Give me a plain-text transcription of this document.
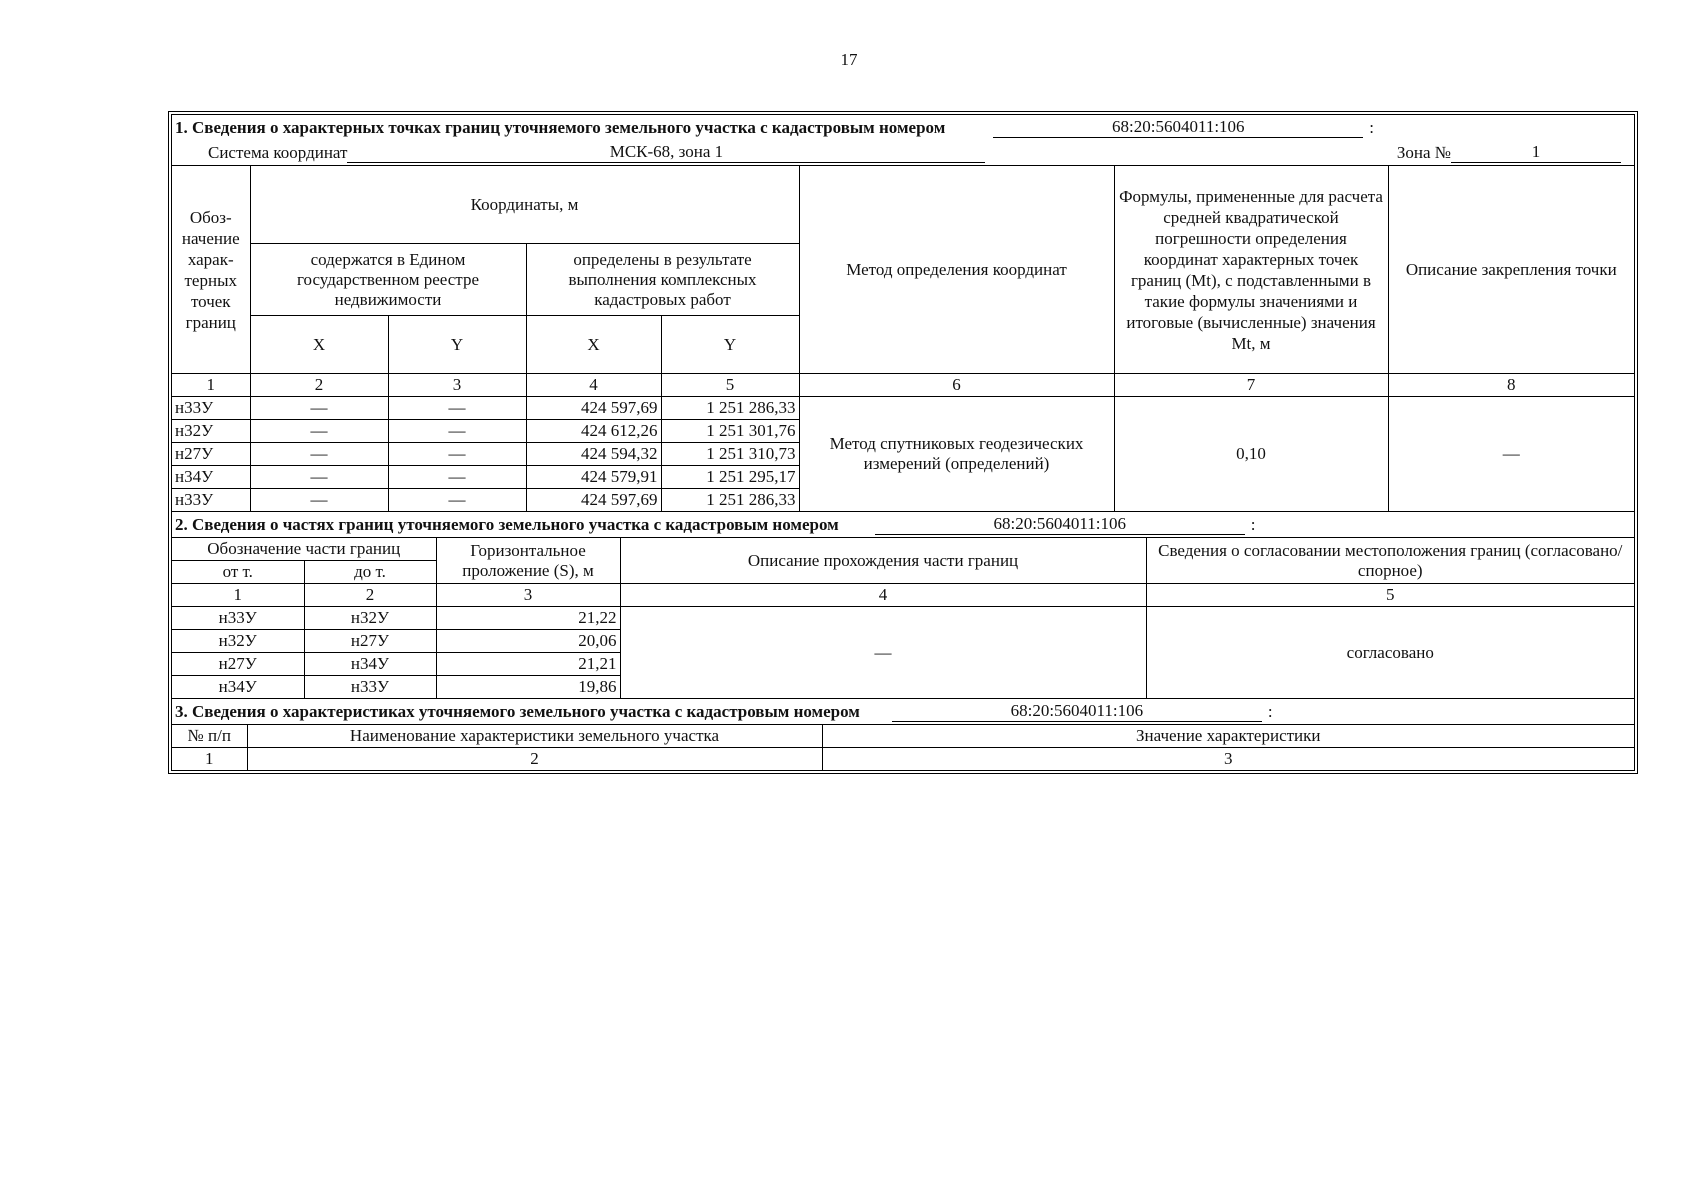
17
1. Сведения о характерных точках границ уточняемого земельного участка с кадастровым номером 68:20:5604011:106 :							

Система координат МСК-68, зона 1 Зона № 1							

Обоз-начение харак-терных точек границ	Координаты, м				Метод определения координат	Формулы, примененные для расчета средней квадратической погрешности определения координат характерных точек границ (Mt), с подставленными в такие формулы значениями и итоговые (вычисленные) значения Mt, м	Описание закрепления точки
	содержатся в Едином государственном реестре недвижимости		определены в результате выполнения комплексных кадастровых работ				
	X	Y	X	Y			
1	2	3	4	5	6	7	8
н33У	—	—	424 597,69	1 251 286,33	Метод спутниковых геодезических измерений (определений)	0,10	—
н32У	—	—	424 612,26	1 251 301,76			
н27У	—	—	424 594,32	1 251 310,73			
н34У	—	—	424 579,91	1 251 295,17			
н33У	—	—	424 597,69	1 251 286,33			
2. Сведения о частях границ уточняемого земельного участка с кадастровым номером 68:20:5604011:106 :				

Обозначение части границ		Горизонтальное проложение (S), м	Описание прохождения части границ	Сведения о согласовании местоположения границ (согласовано/спорное)
от т.	до т.			
1	2	3	4	5
н33У	н32У	21,22	—	согласовано
н32У	н27У	20,06		
н27У	н34У	21,21		
н34У	н33У	19,86		
3. Сведения о характеристиках уточняемого земельного участка с кадастровым номером 68:20:5604011:106 :		

№ п/п	Наименование характеристики земельного участка	Значение характеристики
1	2	3
